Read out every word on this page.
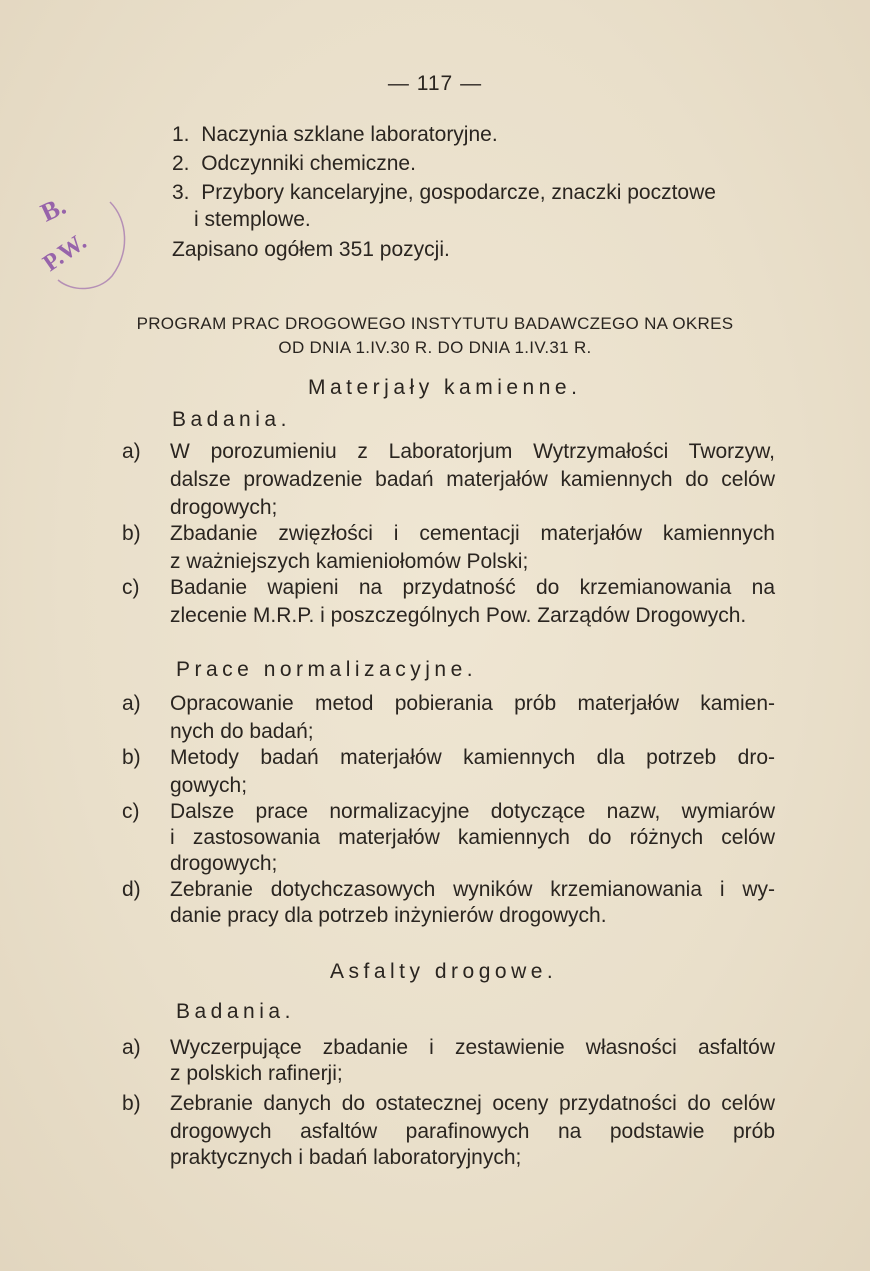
— 117 —
B.
P.W.
1. Naczynia szklane laboratoryjne.
2. Odczynniki chemiczne.
3. Przybory kancelaryjne, gospodarcze, znaczki pocztowe
i stemplowe.
Zapisano ogółem 351 pozycji.
PROGRAM PRAC DROGOWEGO INSTYTUTU BADAWCZEGO NA OKRES
OD DNIA 1.IV.30 R. DO DNIA 1.IV.31 R.
Materjały kamienne.
Badania.
a) W porozumieniu z Laboratorjum Wytrzymałości Tworzyw,
dalsze prowadzenie badań materjałów kamiennych do celów
drogowych;
b) Zbadanie zwięzłości i cementacji materjałów kamiennych
z ważniejszych kamieniołomów Polski;
c) Badanie wapieni na przydatność do krzemianowania na
zlecenie M.R.P. i poszczególnych Pow. Zarządów Drogowych.
Prace normalizacyjne.
a) Opracowanie metod pobierania prób materjałów kamien-
nych do badań;
b) Metody badań materjałów kamiennych dla potrzeb dro-
gowych;
c) Dalsze prace normalizacyjne dotyczące nazw, wymiarów
i zastosowania materjałów kamiennych do różnych celów
drogowych;
d) Zebranie dotychczasowych wyników krzemianowania i wy-
danie pracy dla potrzeb inżynierów drogowych.
Asfalty drogowe.
Badania.
a) Wyczerpujące zbadanie i zestawienie własności asfaltów
z polskich rafinerji;
b) Zebranie danych do ostatecznej oceny przydatności do celów
drogowych asfaltów parafinowych na podstawie prób
praktycznych i badań laboratoryjnych;
